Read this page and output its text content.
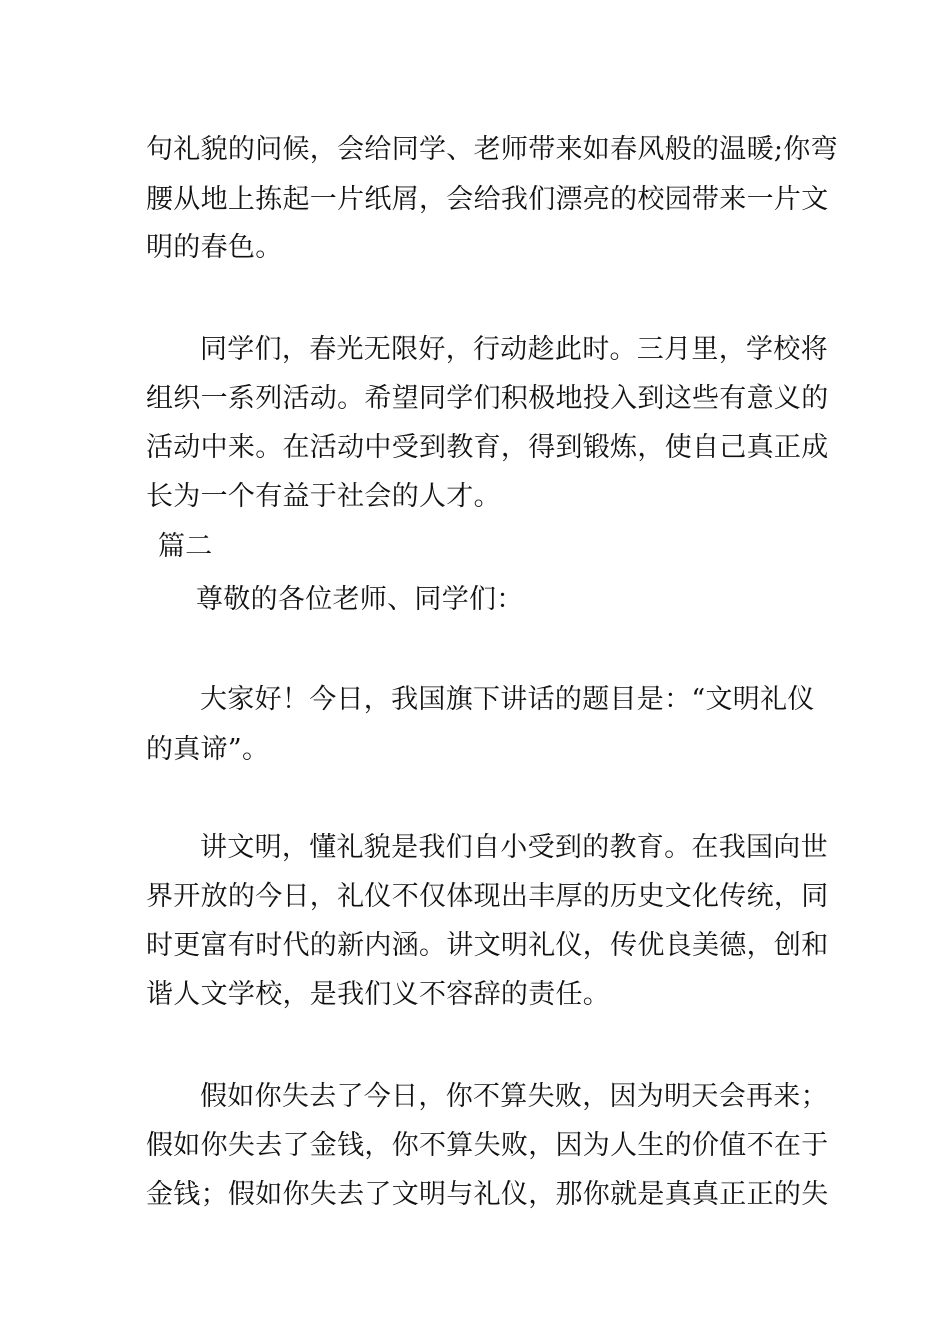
句礼貌的问候，会给同学、老师带来如春风般的温暖;你弯
腰从地上拣起一片纸屑，会给我们漂亮的校园带来一片文
明的春色。
同学们，春光无限好，行动趁此时。三月里，学校将
组织一系列活动。希望同学们积极地投入到这些有意义的
活动中来。在活动中受到教育，得到锻炼，使自己真正成
长为一个有益于社会的人才。
篇二
尊敬的各位老师、同学们：
大家好！今日，我国旗下讲话的题目是：“文明礼仪
的真谛”。
讲文明，懂礼貌是我们自小受到的教育。在我国向世
界开放的今日，礼仪不仅体现出丰厚的历史文化传统，同
时更富有时代的新内涵。讲文明礼仪，传优良美德，创和
谐人文学校，是我们义不容辞的责任。
假如你失去了今日，你不算失败，因为明天会再来；
假如你失去了金钱，你不算失败，因为人生的价值不在于
金钱；假如你失去了文明与礼仪，那你就是真真正正的失
